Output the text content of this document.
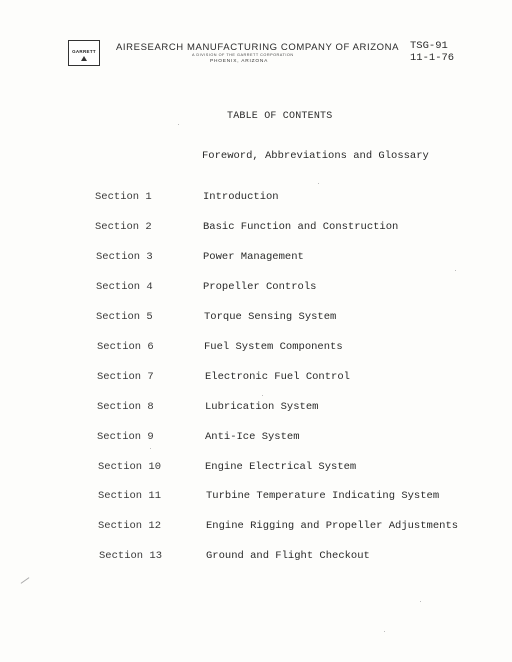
GARRETT	AIRESEARCH MANUFACTURING COMPANY OF ARIZONA
A DIVISION OF THE GARRETT CORPORATION
PHOENIX, ARIZONA
TSG-91
11-1-76
TABLE OF CONTENTS
Foreword, Abbreviations and Glossary
Section 1	Introduction
Section 2	Basic Function and Construction
Section 3	Power Management
Section 4	Propeller Controls
Section 5	Torque Sensing System
Section 6	Fuel System Components
Section 7	Electronic Fuel Control
Section 8	Lubrication System
Section 9	Anti-Ice System
Section 10	Engine Electrical System
Section 11	Turbine Temperature Indicating System
Section 12	Engine Rigging and Propeller Adjustments
Section 13	Ground and Flight Checkout
